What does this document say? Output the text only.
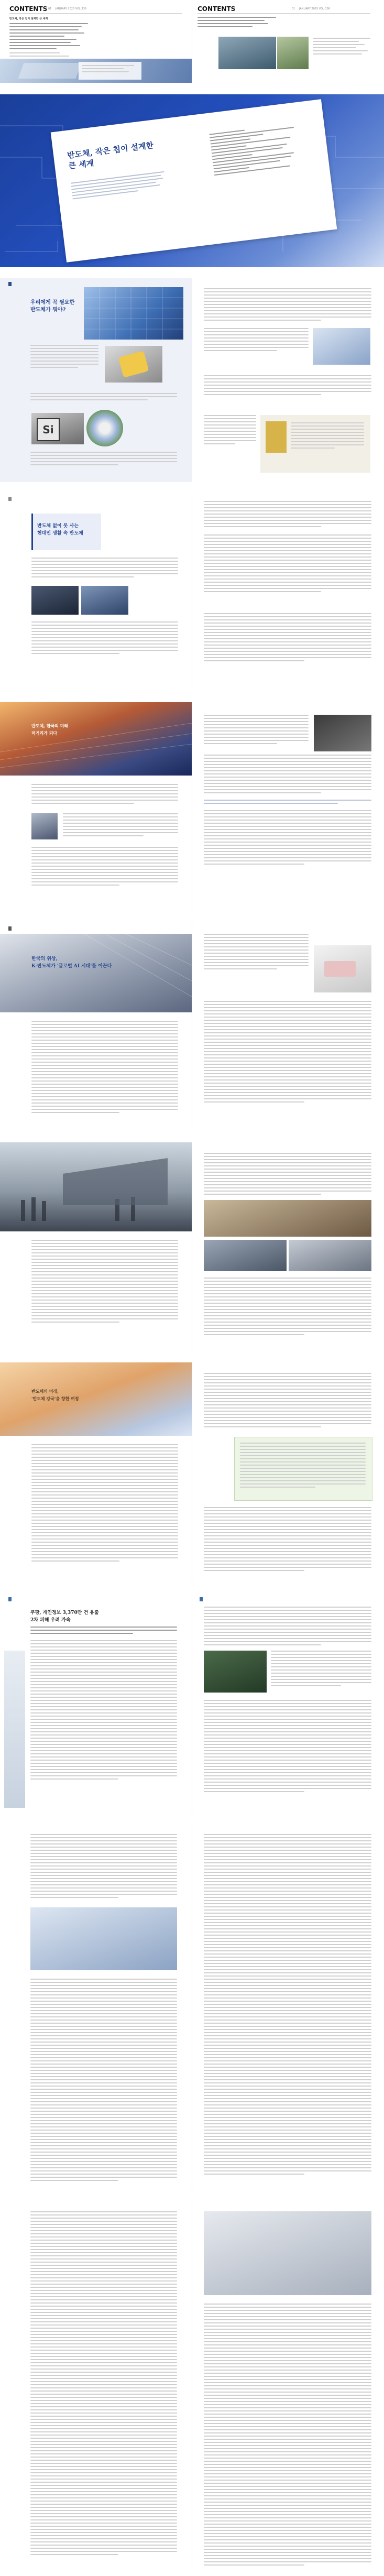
CONTENTS 01 JANUARY 2025 VOL.336
반도체, 작은 칩이 설계한 큰 세계
CONTENTS	01 JANUARY 2025 VOL.336
반도체, 작은 칩이 설계한 큰 세계
우리에게 꼭 필요한
반도체가 뭐야?
Si
반도체 없이 못 사는
현대인 생활 속 반도체
반도체, 한국의 미래
먹거리가 되다
한국의 위상,
K-반도체가 '글로벌 AI 시대'를 이끈다
반도체의 미래,
'반도체 강국'을 향한 여정
쿠팡, 개인정보 3,370만 건 유출
2차 피해 우려 가속
